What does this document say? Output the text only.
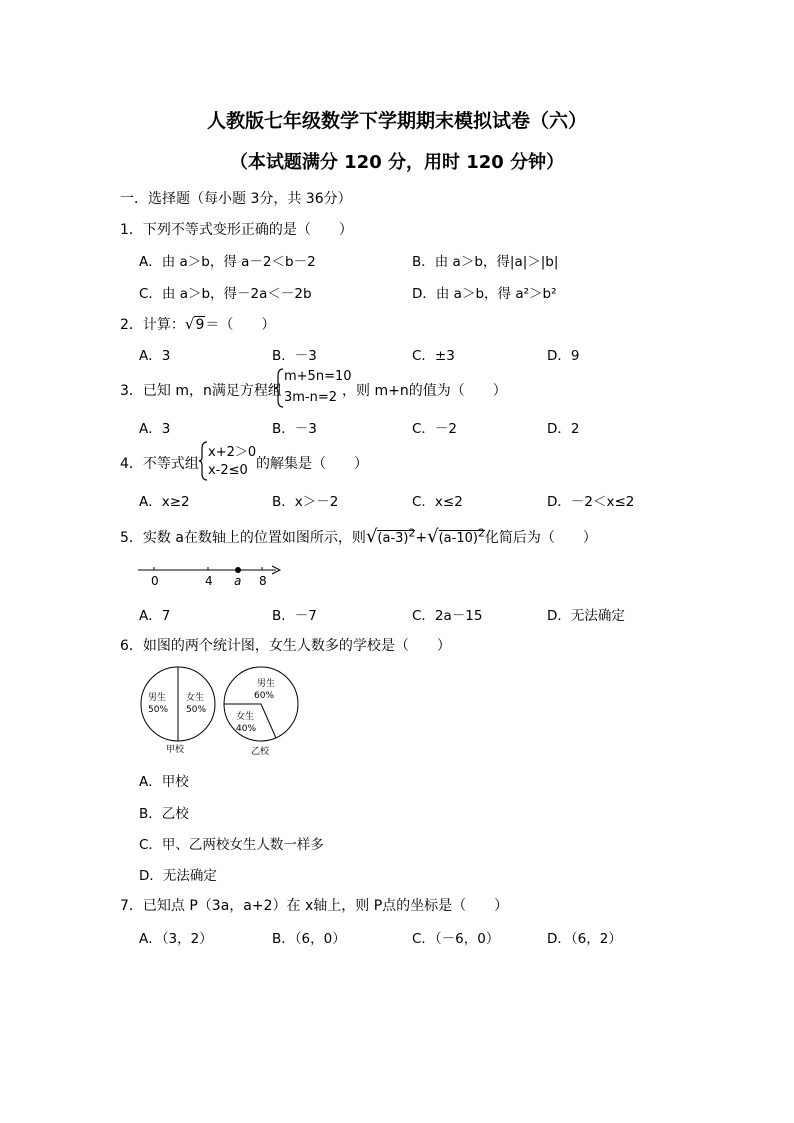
人教版七年级数学下学期期末模拟试卷（六）
（本试题满分 120 分，用时 120 分钟）
一．选择题（每小题 3分，共 36分）
1．下列不等式变形正确的是（　　）
A．由 a＞b，得 a－2＜b－2	B．由 a＞b，得|a|＞|b|
C．由 a＞b，得－2a＜－2b	D．由 a＞b，得 a²＞b²
2．计算：√9＝（　　）
A．3	B．－3	C．±3	D．9
3．已知 m，n满足方程组
m+5n=10
3m-n=2 ，则 m+n的值为（　　）
A．3	B．－3	C．－2	D．2
4．不等式组
x+2＞0
x-2≤0 的解集是（　　）
A．x≥2	B．x＞－2	C．x≤2	D．－2＜x≤2
5．实数 a在数轴上的位置如图所示，则$√(a-3)^2+√(a-10)^2$化简后为（　　）
0	4 a 8
A．7	B．－7	C．2a－15	D．无法确定
6．如图的两个统计图，女生人数多的学校是（　　）
男生
50%
女生
50%
甲校
男生
60%
女生
40%
乙校
A．甲校
B．乙校
C．甲、乙两校女生人数一样多
D．无法确定
7．已知点 P（3a，a+2）在 x轴上，则 P点的坐标是（　　）
A．（3，2）	B．（6，0）	C．（－6，0）	D．（6，2）
